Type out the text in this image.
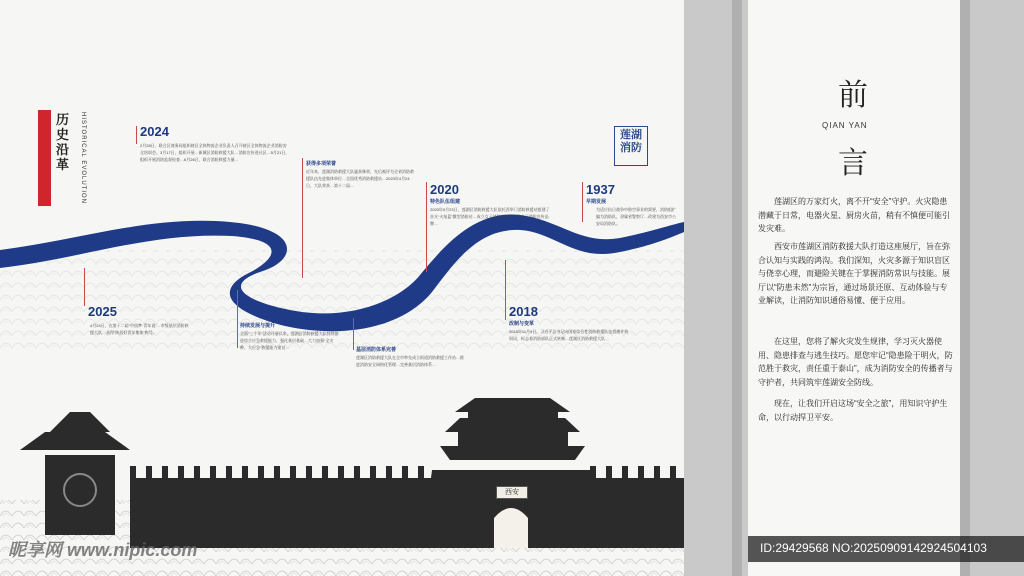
历史沿革	HISTORICAL EVOLUTION	2024
2月28日，联合区商务局组织辖区全体物流企业负责人召开辖区全体物流企业消防安全培训会。3月17日，组织开展…新城区消防救援大队…消防宣传进社区…5月21日，组织开展消防监督检查…6月26日，联合消防救援力量…
获得多项荣誉
近年来，莲湖消防救援大队屡获殊荣，先后被评为全省消防救援队伍先进集体单位…全国优秀消防救援站…2023年4月24日，大队荣获…第十二届…	2020
特色队伍组建
2020年9月23日，莲湖区消防救援大队依托西华门消防救援站组建了首支“火焰蓝”微型消防站…成立女子消防宣传队…建立了消防宣传品牌…
1937
早期发展
为适应抗日战争中防空事业的需要，消防组扩编为消防队，隶属省警察厅…改建为西安市公安局消防队。
2025
4月24日，在第十二届“中国梦·青年说”…市级基层消防救援大队…获得“陕西好青年集体”称号。
持续发展与提升
全面“三个年”活动开展以来，莲湖区消防救援大队持续推进综合应急救援能力、强化基层基础…大力加强“全灾种、大应急”救援能力建设…	基层消防体系完善
莲湖区消防救援大队在全市率先成立街道消防救援工作站…推进消防安全网格化管理…完善基层消防体系…
2018
改制与变革
2018年11月9日，习近平总书记向国家综合性消防救援队伍授旗并致训词，标志着消防部队正式转制…莲湖区消防救援大队…
莲湖消防
西安
昵享网 www.nipic.com
前
QIAN YAN
言
莲湖区的万家灯火，离不开“安全”守护。火灾隐患潜藏于日常，电器火星、厨房火苗，稍有不慎便可能引发灾难。
西安市莲湖区消防救援大队打造这座展厅，旨在弥合认知与实践的鸿沟。我们深知，火灾多源于知识盲区与侥幸心理，而避险关键在于掌握消防常识与技能。展厅以“防患未然”为宗旨，通过场景还原、互动体验与专业解读，让消防知识通俗易懂、便于应用。
在这里，您将了解火灾发生规律，学习灭火器使用、隐患排查与逃生技巧。愿您牢记“隐患险于明火，防范胜于救灾，责任重于泰山”，成为消防安全的传播者与守护者，共同筑牢莲湖安全防线。
现在，让我们开启这场“安全之旅”，用知识守护生命，以行动捍卫平安。
ID:29429568 NO:20250909142924504103
